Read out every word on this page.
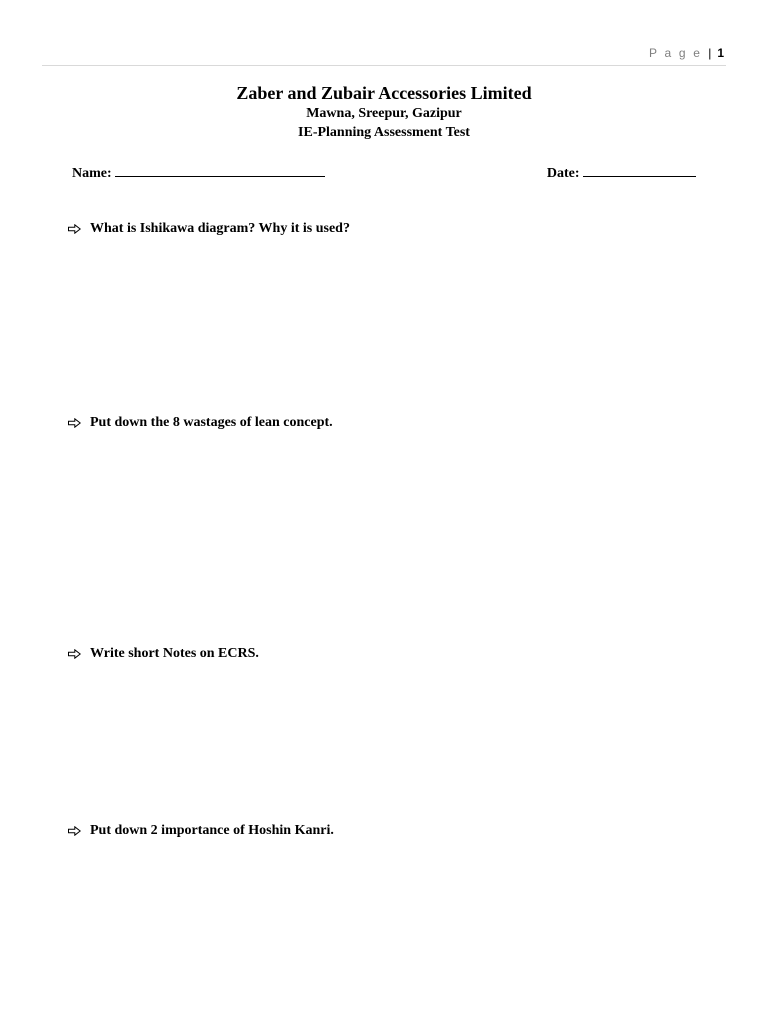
P a g e | 1
Zaber and Zubair Accessories Limited
Mawna, Sreepur, Gazipur
IE-Planning Assessment Test
Name:	Date:
What is Ishikawa diagram? Why it is used?
Put down the 8 wastages of lean concept.
Write short Notes on ECRS.
Put down 2 importance of Hoshin Kanri.
